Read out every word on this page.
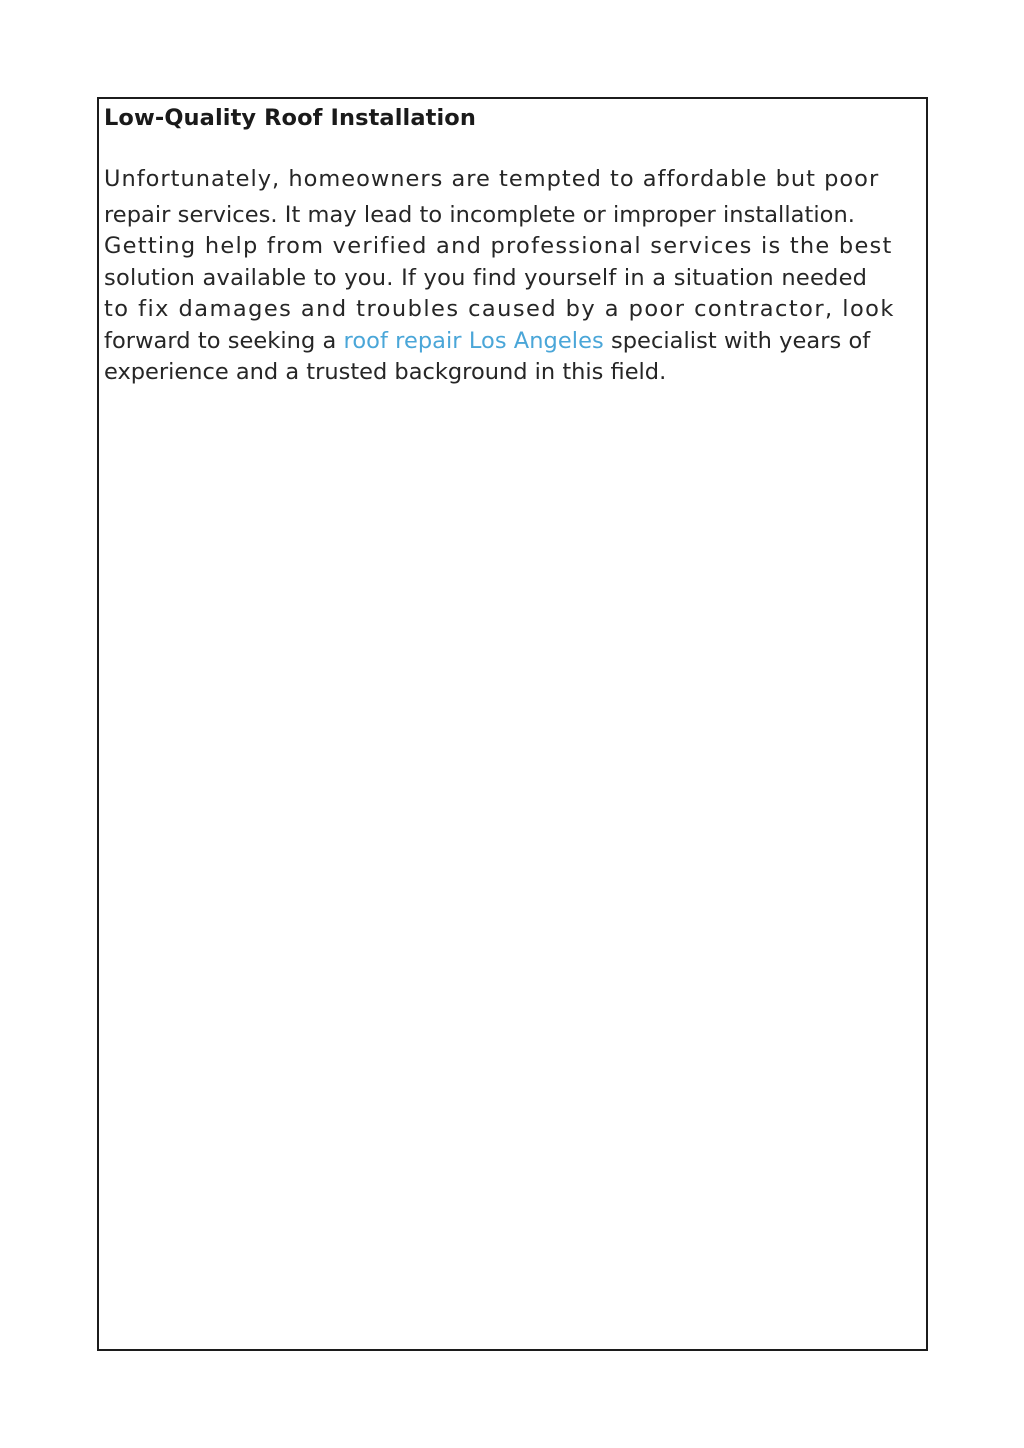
Low-Quality Roof Installation

Unfortunately, homeowners are tempted to affordable but poor

repair services. It may lead to incomplete or improper installation.

Getting help from verified and professional services is the best

solution available to you. If you find yourself in a situation needed

to fix damages and troubles caused by a poor contractor, look

forward to seeking a roof repair Los Angeles specialist with years of

experience and a trusted background in this field.
